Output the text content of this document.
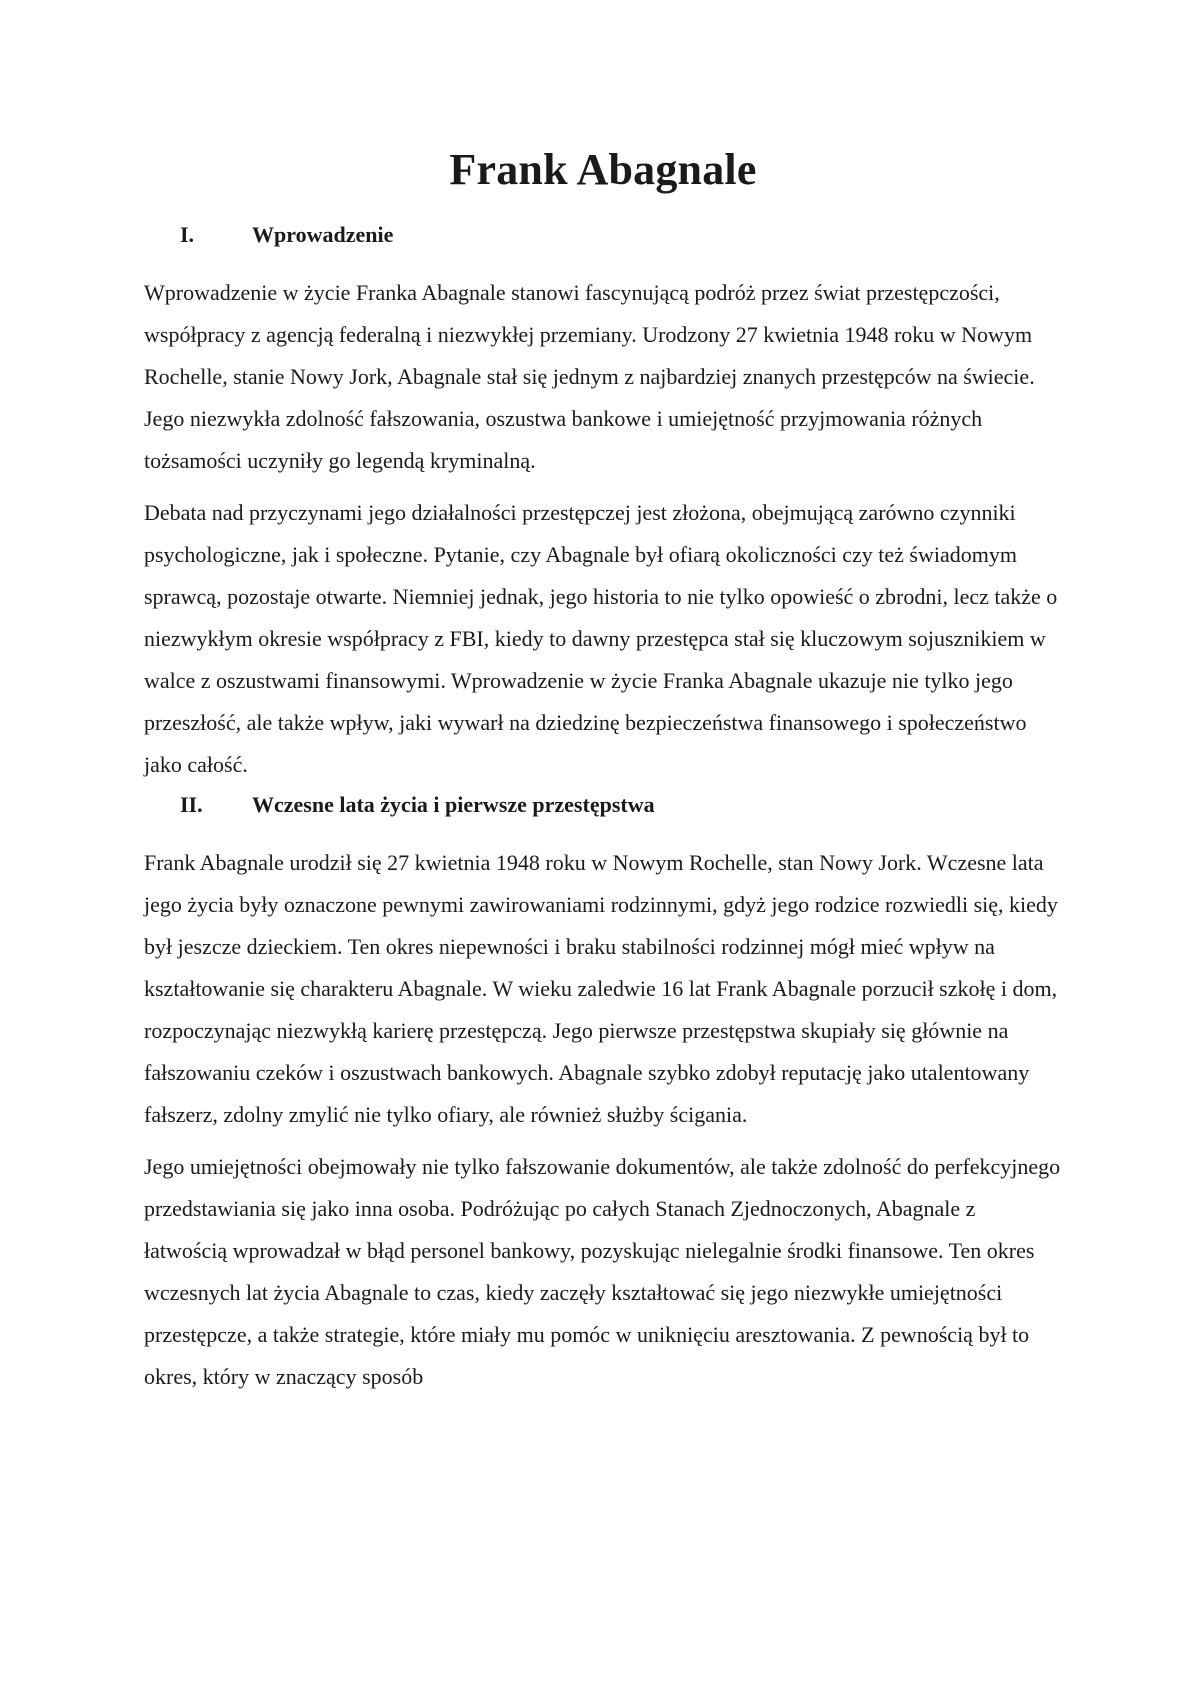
Frank Abagnale
I.	Wprowadzenie

Wprowadzenie w życie Franka Abagnale stanowi fascynującą podróż przez świat przestępczości, współpracy z agencją federalną i niezwykłej przemiany. Urodzony 27 kwietnia 1948 roku w Nowym Rochelle, stanie Nowy Jork, Abagnale stał się jednym z najbardziej znanych przestępców na świecie. Jego niezwykła zdolność fałszowania, oszustwa bankowe i umiejętność przyjmowania różnych tożsamości uczyniły go legendą kryminalną.

Debata nad przyczynami jego działalności przestępczej jest złożona, obejmującą zarówno czynniki psychologiczne, jak i społeczne. Pytanie, czy Abagnale był ofiarą okoliczności czy też świadomym sprawcą, pozostaje otwarte. Niemniej jednak, jego historia to nie tylko opowieść o zbrodni, lecz także o niezwykłym okresie współpracy z FBI, kiedy to dawny przestępca stał się kluczowym sojusznikiem w walce z oszustwami finansowymi. Wprowadzenie w życie Franka Abagnale ukazuje nie tylko jego przeszłość, ale także wpływ, jaki wywarł na dziedzinę bezpieczeństwa finansowego i społeczeństwo jako całość.

II.	Wczesne lata życia i pierwsze przestępstwa

Frank Abagnale urodził się 27 kwietnia 1948 roku w Nowym Rochelle, stan Nowy Jork. Wczesne lata jego życia były oznaczone pewnymi zawirowaniami rodzinnymi, gdyż jego rodzice rozwiedli się, kiedy był jeszcze dzieckiem. Ten okres niepewności i braku stabilności rodzinnej mógł mieć wpływ na kształtowanie się charakteru Abagnale. W wieku zaledwie 16 lat Frank Abagnale porzucił szkołę i dom, rozpoczynając niezwykłą karierę przestępczą. Jego pierwsze przestępstwa skupiały się głównie na fałszowaniu czeków i oszustwach bankowych. Abagnale szybko zdobył reputację jako utalentowany fałszerz, zdolny zmylić nie tylko ofiary, ale również służby ścigania.

Jego umiejętności obejmowały nie tylko fałszowanie dokumentów, ale także zdolność do perfekcyjnego przedstawiania się jako inna osoba. Podróżując po całych Stanach Zjednoczonych, Abagnale z łatwością wprowadzał w błąd personel bankowy, pozyskując nielegalnie środki finansowe. Ten okres wczesnych lat życia Abagnale to czas, kiedy zaczęły kształtować się jego niezwykłe umiejętności przestępcze, a także strategie, które miały mu pomóc w uniknięciu aresztowania. Z pewnością był to okres, który w znaczący sposób
